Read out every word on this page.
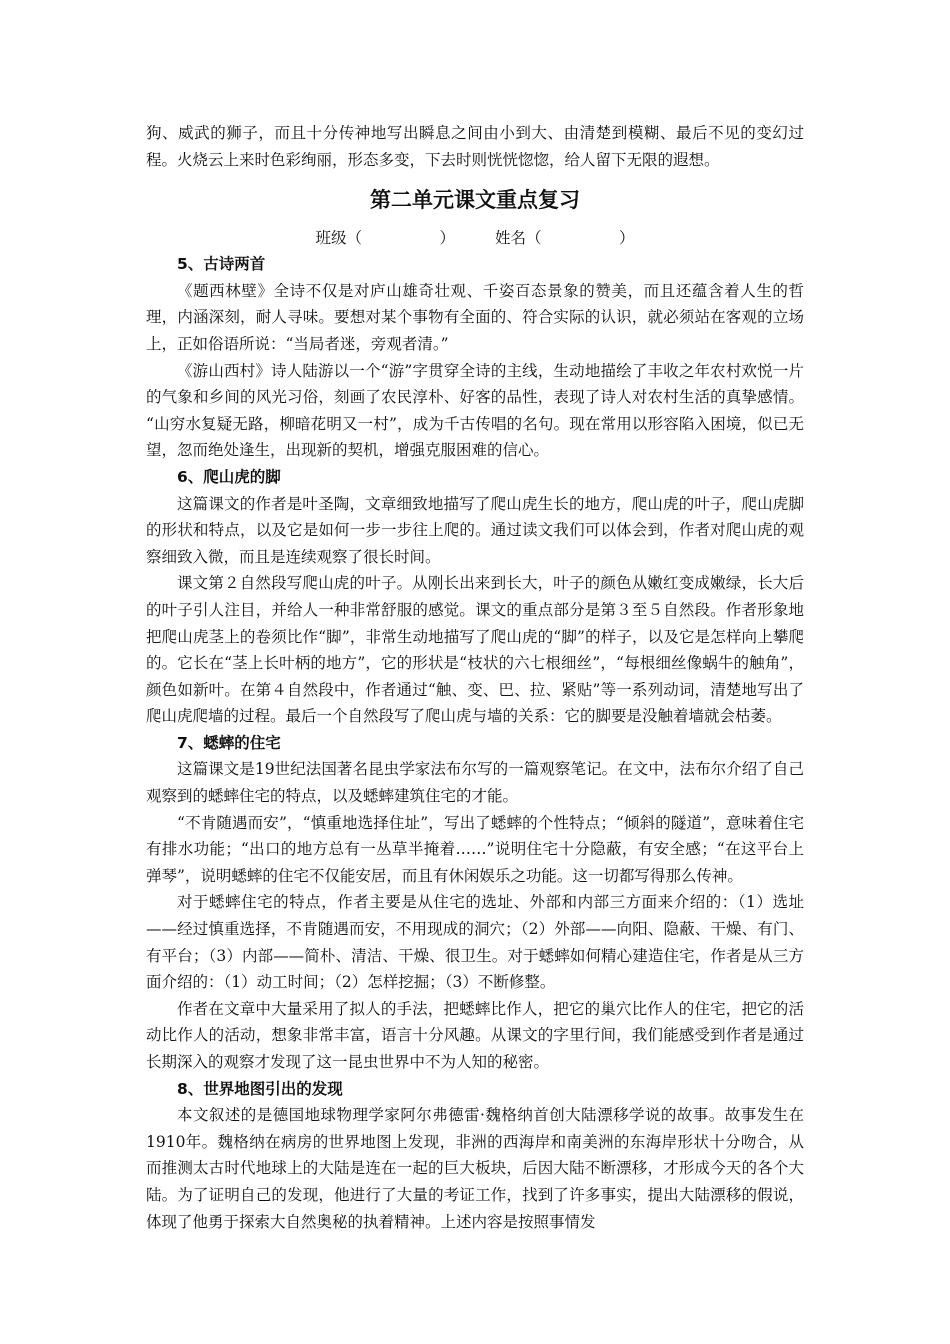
狗、威武的狮子，而且十分传神地写出瞬息之间由小到大、由清楚到模糊、最后不见的变幻过程。火烧云上来时色彩绚丽，形态多变，下去时则恍恍惚惚，给人留下无限的遐想。

第二单元课文重点复习
班级（　　　　　）	姓名（　　　　　）
5、古诗两首

《题西林壁》全诗不仅是对庐山雄奇壮观、千姿百态景象的赞美，而且还蕴含着人生的哲理，内涵深刻，耐人寻味。要想对某个事物有全面的、符合实际的认识，就必须站在客观的立场上，正如俗语所说：“当局者迷，旁观者清。”

《游山西村》诗人陆游以一个“游”字贯穿全诗的主线，生动地描绘了丰收之年农村欢悦一片的气象和乡间的风光习俗，刻画了农民淳朴、好客的品性，表现了诗人对农村生活的真挚感情。 “山穷水复疑无路，柳暗花明又一村”，成为千古传唱的名句。现在常用以形容陷入困境，似已无望，忽而绝处逢生，出现新的契机，增强克服困难的信心。

6、爬山虎的脚

这篇课文的作者是叶圣陶，文章细致地描写了爬山虎生长的地方，爬山虎的叶子，爬山虎脚的形状和特点，以及它是如何一步一步往上爬的。通过读文我们可以体会到，作者对爬山虎的观察细致入微，而且是连续观察了很长时间。

课文第２自然段写爬山虎的叶子。从刚长出来到长大，叶子的颜色从嫩红变成嫩绿，长大后的叶子引人注目，并给人一种非常舒服的感觉。课文的重点部分是第３至５自然段。作者形象地把爬山虎茎上的卷须比作“脚”，非常生动地描写了爬山虎的“脚”的样子，以及它是怎样向上攀爬的。它长在“茎上长叶柄的地方”，它的形状是“枝状的六七根细丝”，“每根细丝像蜗牛的触角”，颜色如新叶。在第４自然段中，作者通过“触、变、巴、拉、紧贴”等一系列动词，清楚地写出了爬山虎爬墙的过程。最后一个自然段写了爬山虎与墙的关系：它的脚要是没触着墙就会枯萎。

7、蟋蟀的住宅

这篇课文是19世纪法国著名昆虫学家法布尔写的一篇观察笔记。在文中，法布尔介绍了自己观察到的蟋蟀住宅的特点，以及蟋蟀建筑住宅的才能。

“不肯随遇而安”，“慎重地选择住址”，写出了蟋蟀的个性特点；“倾斜的隧道”，意味着住宅有排水功能；“出口的地方总有一丛草半掩着……”说明住宅十分隐蔽，有安全感；“在这平台上弹琴”，说明蟋蟀的住宅不仅能安居，而且有休闲娱乐之功能。这一切都写得那么传神。

对于蟋蟀住宅的特点，作者主要是从住宅的选址、外部和内部三方面来介绍的：（1）选址——经过慎重选择，不肯随遇而安，不用现成的洞穴；（2）外部——向阳、隐蔽、干燥、有门、有平台；（3）内部——简朴、清洁、干燥、很卫生。对于蟋蟀如何精心建造住宅，作者是从三方面介绍的：（1）动工时间；（2）怎样挖掘；（3）不断修整。

作者在文章中大量采用了拟人的手法，把蟋蟀比作人，把它的巢穴比作人的住宅，把它的活动比作人的活动，想象非常丰富，语言十分风趣。从课文的字里行间，我们能感受到作者是通过长期深入的观察才发现了这一昆虫世界中不为人知的秘密。

8、世界地图引出的发现

本文叙述的是德国地球物理学家阿尔弗德雷·魏格纳首创大陆漂移学说的故事。故事发生在1910年。魏格纳在病房的世界地图上发现，非洲的西海岸和南美洲的东海岸形状十分吻合，从而推测太古时代地球上的大陆是连在一起的巨大板块，后因大陆不断漂移，才形成今天的各个大陆。为了证明自己的发现，他进行了大量的考证工作，找到了许多事实，提出大陆漂移的假说，体现了他勇于探索大自然奥秘的执着精神。上述内容是按照事情发
